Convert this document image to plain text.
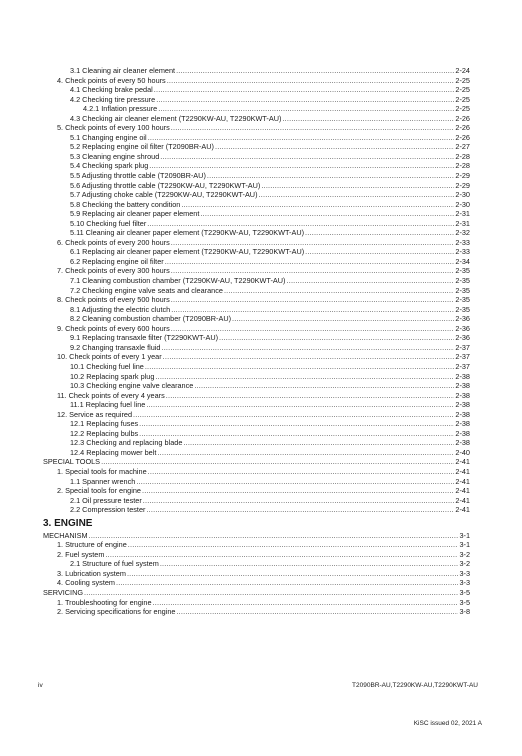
3.1 Cleaning air cleaner element .....	2-24
4. Check points of every 50 hours .....	2-25
4.1 Checking brake pedal .....	2-25
4.2 Checking tire pressure .....	2-25
4.2.1 Inflation pressure .....	2-25
4.3 Checking air cleaner element (T2290KW-AU, T2290KWT-AU) .....	2-26
5. Check points of every 100 hours .....	2-26
5.1 Changing engine oil .....	2-26
5.2 Replacing engine oil filter (T2090BR-AU) .....	2-27
5.3 Cleaning engine shroud .....	2-28
5.4 Checking spark plug .....	2-28
5.5 Adjusting throttle cable (T2090BR-AU) .....	2-29
5.6 Adjusting throttle cable (T2290KW-AU, T2290KWT-AU) .....	2-29
5.7 Adjusting choke cable (T2290KW-AU, T2290KWT-AU) .....	2-30
5.8 Checking the battery condition .....	2-30
5.9 Replacing air cleaner paper element .....	2-31
5.10 Checking fuel filter .....	2-31
5.11 Cleaning air cleaner paper element (T2290KW-AU, T2290KWT-AU) .....	2-32
6. Check points of every 200 hours .....	2-33
6.1 Replacing air cleaner paper element (T2290KW-AU, T2290KWT-AU) .....	2-33
6.2 Replacing engine oil filter .....	2-34
7. Check points of every 300 hours .....	2-35
7.1 Cleaning combustion chamber (T2290KW-AU, T2290KWT-AU) .....	2-35
7.2 Checking engine valve seats and clearance .....	2-35
8. Check points of every 500 hours .....	2-35
8.1 Adjusting the electric clutch .....	2-35
8.2 Cleaning combustion chamber (T2090BR-AU) .....	2-36
9. Check points of every 600 hours .....	2-36
9.1 Replacing transaxle filter (T2290KWT-AU) .....	2-36
9.2 Changing transaxle fluid .....	2-37
10. Check points of every 1 year .....	2-37
10.1 Checking fuel line .....	2-37
10.2 Replacing spark plug .....	2-38
10.3 Checking engine valve clearance .....	2-38
11. Check points of every 4 years .....	2-38
11.1 Replacing fuel line .....	2-38
12. Service as required .....	2-38
12.1 Replacing fuses .....	2-38
12.2 Replacing bulbs .....	2-38
12.3 Checking and replacing blade .....	2-38
12.4 Replacing mower belt .....	2-40
SPECIAL TOOLS .....	2-41
1. Special tools for machine .....	2-41
1.1 Spanner wrench .....	2-41
2. Special tools for engine .....	2-41
2.1 Oil pressure tester .....	2-41
2.2 Compression tester .....	2-41
3. ENGINE
MECHANISM .....	3-1
1. Structure of engine .....	3-1
2. Fuel system .....	3-2
2.1 Structure of fuel system .....	3-2
3. Lubrication system .....	3-3
4. Cooling system .....	3-3
SERVICING .....	3-5
1. Troubleshooting for engine .....	3-5
2. Servicing specifications for engine .....	3-8
iv	T2090BR-AU,T2290KW-AU,T2290KWT-AU
KiSC issued 02, 2021 A
